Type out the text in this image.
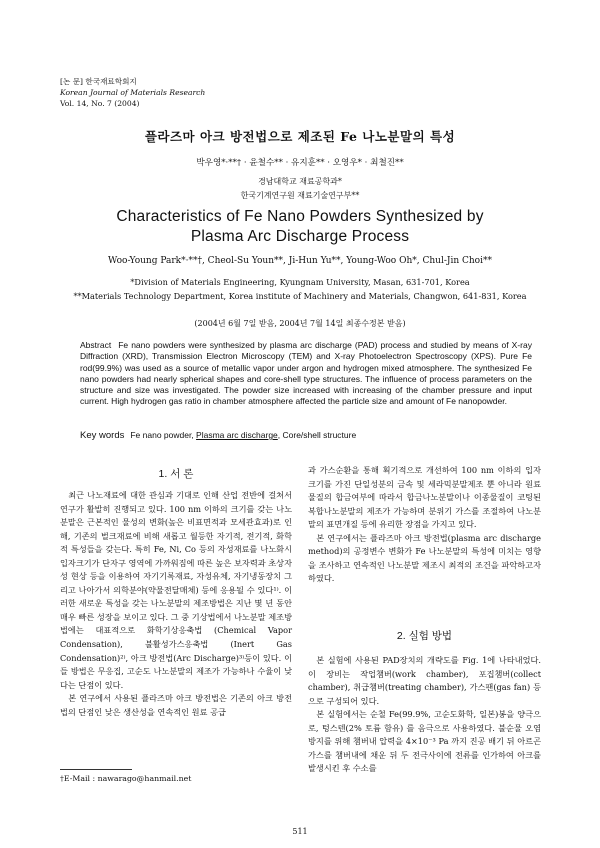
[논 문] 한국재료학회지
Korean Journal of Materials Research
Vol. 14, No. 7 (2004)
플라즈마 아크 방전법으로 제조된 Fe 나노분말의 특성
박우영*·**† · 윤철수** · 유지훈** · 오영우* · 최철진**
경남대학교 재료공학과*
한국기계연구원 재료기술연구부**
Characteristics of Fe Nano Powders Synthesized by
Plasma Arc Discharge Process
Woo-Young Park*·**†, Cheol-Su Youn**, Ji-Hun Yu**, Young-Woo Oh*, Chul-Jin Choi**
*Division of Materials Engineering, Kyungnam University, Masan, 631-701, Korea
**Materials Technology Department, Korea institute of Machinery and Materials, Changwon, 641-831, Korea
(2004년 6월 7일 받음, 2004년 7월 14일 최종수정본 받음)
Abstract Fe nano powders were synthesized by plasma arc discharge (PAD) process and studied by means of X-ray Diffraction (XRD), Transmission Electron Microscopy (TEM) and X-ray Photoelectron Spectroscopy (XPS). Pure Fe rod(99.9%) was used as a source of metallic vapor under argon and hydrogen mixed atmosphere. The synthesized Fe nano powders had nearly spherical shapes and core-shell type structures. The influence of process parameters on the structure and size was investigated. The powder size increased with increasing of the chamber pressure and input current. High hydrogen gas ratio in chamber atmosphere affected the particle size and amount of Fe nanopowder.
Key words Fe nano powder, Plasma arc discharge, Core/shell structure
1. 서 론

최근 나노재료에 대한 관심과 기대로 인해 산업 전반에 걸쳐서 연구가 활발히 진행되고 있다. 100 nm 이하의 크기를 갖는 나노분말은 근본적인 물성의 변화(높은 비표면적과 모세관효과)로 인해, 기존의 벌크재료에 비해 새롭고 월등한 자기적, 전기적, 화학적 특성들을 갖는다. 특히 Fe, Ni, Co 등의 자성재료를 나노화시 입자크기가 단자구 영역에 가까워짐에 따른 높은 보자력과 초상자성 현상 등을 이용하여 자기기록재료, 자성유체, 자기냉동장치 그리고 나아가서 의학분야(약물전달매체) 등에 응용될 수 있다¹⁾. 이러한 새로운 특성을 갖는 나노분말의 제조방법은 지난 몇 년 동안 매우 빠른 성장을 보이고 있다. 그 중 기상법에서 나노분말 제조방법에는 대표적으로 화학기상응축법 (Chemical Vapor Condensation), 불활성가스응축법 (Inert Gas Condensation)²⁾, 아크 방전법(Arc Discharge)³⁾등이 있다. 이들 방법은 무응집, 고순도 나노분말의 제조가 가능하나 수율이 낮다는 단점이 있다.

본 연구에서 사용된 플라즈마 아크 방전법은 기존의 아크 방전법의 단점인 낮은 생산성을 연속적인 원료 공급

과 가스순환을 통해 획기적으로 개선하여 100 nm 이하의 입자 크기를 가진 단일성분의 금속 및 세라믹분말제조 뿐 아니라 원료 물질의 합금여부에 따라서 합금나노분말이나 이종물질이 코팅된 복합나노분말의 제조가 가능하며 분위기 가스를 조절하여 나노분말의 표면개질 등에 유리한 장점을 가지고 있다.

본 연구에서는 플라즈마 아크 방전법(plasma arc discharge method)의 공정변수 변화가 Fe 나노분말의 특성에 미치는 영향을 조사하고 연속적인 나노분말 제조시 최적의 조건을 파악하고자 하였다.

2. 실험 방법

본 실험에 사용된 PAD장치의 개략도를 Fig. 1에 나타내었다. 이 장비는 작업챔버(work chamber), 포집챔버(collect chamber), 취급챔버(treating chamber), 가스팬(gas fan) 등 으로 구성되어 있다.

본 실험에서는 순철 Fe(99.9%, 고순도화학, 일본)봉을 양극으로, 텅스텐(2% 토륨 함유) 를 음극으로 사용하였다. 불순물 오염 방지를 위해 챔버내 압력을 4×10⁻³ Pa 까지 진공 배기 뒤 아르곤가스를 챔버내에 채운 뒤 두 전극사이에 전류를 인가하여 아크를 발생시킨 후 수소를

†E-Mail : nawarago@hanmail.net
511
